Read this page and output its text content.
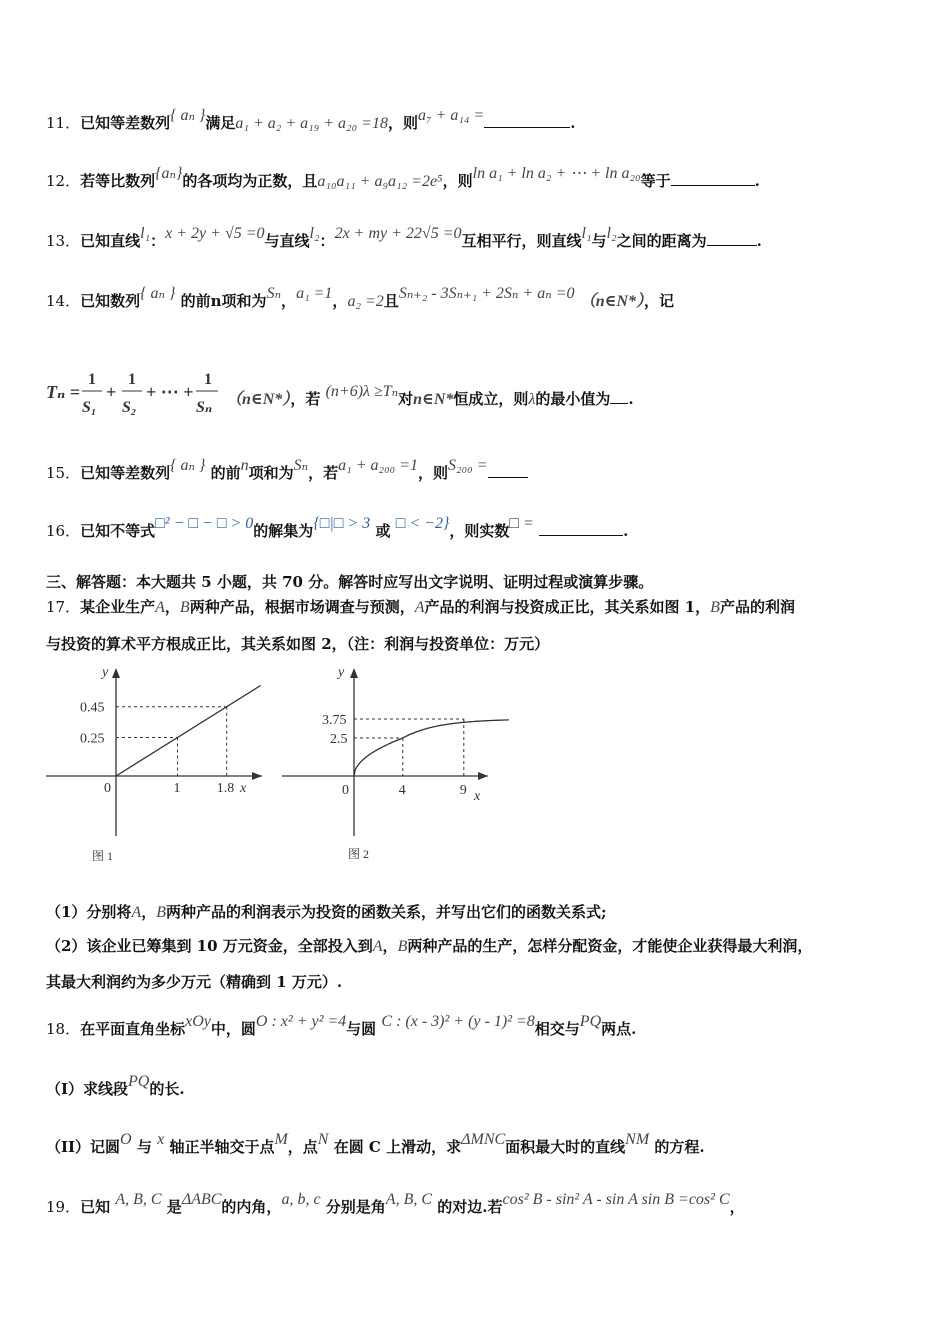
11．已知等差数列{ aₙ }满足a₁ + a₂ + a₁₉ + a₂₀ =18，则a₇ + a₁₄ =	.
12．若等比数列{aₙ}的各项均为正数，且a₁₀a₁₁ + a₉a₁₂ =2e⁵，则ln a₁ + ln a₂ + ⋯ + ln a₂₀等于	.
13．已知直线l₁：x + 2y + √5 =0与直线l₂：2x + my + 22√5 =0互相平行，则直线l₁与l₂之间的距离为	.
14．已知数列{ aₙ } 的前n项和为Sₙ，a₁ =1，a₂ =2且Sₙ₊₂ - 3Sₙ₊₁ + 2Sₙ + aₙ =0 （n∈N*），记
Tₙ =
1
S₁
+
1
S₂
+ ⋯ +
1
Sₙ （n∈N*），若 (n+6)λ ≥Tₙ对n∈N*恒成立，则λ的最小值为 .
15．已知等差数列{ aₙ } 的前n项和为Sₙ，若a₁ + a₂₀₀ =1，则S₂₀₀ =
16．已知不等式□² − □ − □ > 0的解集为{□|□ > 3 或 □ < −2}，则实数□ =	.
三、解答题：本大题共 5 小题，共 70 分。解答时应写出文字说明、证明过程或演算步骤。
17．某企业生产A，B两种产品，根据市场调查与预测，A产品的利润与投资成正比，其关系如图 1，B产品的利润
与投资的算术平方根成正比，其关系如图 2，（注：利润与投资单位：万元）
y
x
0	1
0.25
1.8
0.45
图 1
y
x
0	4
2.5
9
3.75
图 2
（1）分别将A，B两种产品的利润表示为投资的函数关系，并写出它们的函数关系式;
（2）该企业已筹集到 10 万元资金，全部投入到A，B两种产品的生产，怎样分配资金，才能使企业获得最大利润，
其最大利润约为多少万元（精确到 1 万元）.
18．在平面直角坐标xOy中，圆O : x² + y² =4与圆 C : (x - 3)² + (y - 1)² =8相交与PQ两点.
（I）求线段PQ的长.
（II）记圆O 与 x 轴正半轴交于点M，点N 在圆 C 上滑动，求ΔMNC面积最大时的直线NM 的方程.
19．已知 A, B, C 是ΔABC的内角，a, b, c 分别是角A, B, C 的对边.若cos² B - sin² A - sin A sin B =cos² C，
